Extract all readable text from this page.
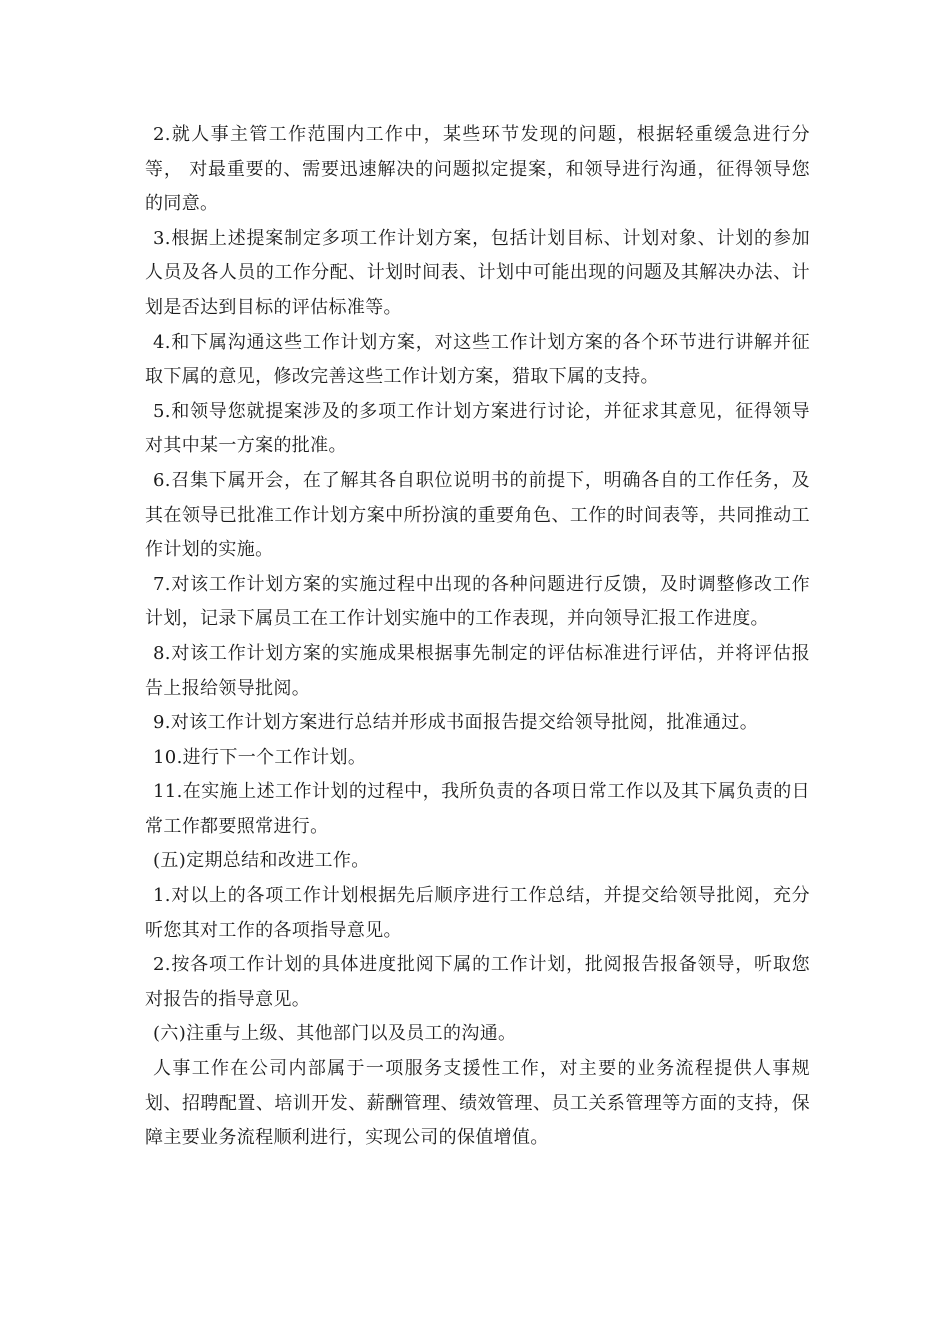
2.就人事主管工作范围内工作中，某些环节发现的问题，根据轻重缓急进行分等， 对最重要的、需要迅速解决的问题拟定提案，和领导进行沟通，征得领导您的同意。

3.根据上述提案制定多项工作计划方案，包括计划目标、计划对象、计划的参加人员及各人员的工作分配、计划时间表、计划中可能出现的问题及其解决办法、计划是否达到目标的评估标准等。

4.和下属沟通这些工作计划方案，对这些工作计划方案的各个环节进行讲解并征取下属的意见，修改完善这些工作计划方案，猎取下属的支持。

5.和领导您就提案涉及的多项工作计划方案进行讨论，并征求其意见，征得领导对其中某一方案的批准。

6.召集下属开会，在了解其各自职位说明书的前提下，明确各自的工作任务，及其在领导已批准工作计划方案中所扮演的重要角色、工作的时间表等，共同推动工作计划的实施。

7.对该工作计划方案的实施过程中出现的各种问题进行反馈，及时调整修改工作计划，记录下属员工在工作计划实施中的工作表现，并向领导汇报工作进度。

8.对该工作计划方案的实施成果根据事先制定的评估标准进行评估，并将评估报告上报给领导批阅。

9.对该工作计划方案进行总结并形成书面报告提交给领导批阅，批准通过。

10.进行下一个工作计划。

11.在实施上述工作计划的过程中，我所负责的各项日常工作以及其下属负责的日常工作都要照常进行。

(五)定期总结和改进工作。

1.对以上的各项工作计划根据先后顺序进行工作总结，并提交给领导批阅，充分听您其对工作的各项指导意见。

2.按各项工作计划的具体进度批阅下属的工作计划，批阅报告报备领导，听取您对报告的指导意见。

(六)注重与上级、其他部门以及员工的沟通。

人事工作在公司内部属于一项服务支援性工作，对主要的业务流程提供人事规划、招聘配置、培训开发、薪酬管理、绩效管理、员工关系管理等方面的支持，保障主要业务流程顺利进行，实现公司的保值增值。
